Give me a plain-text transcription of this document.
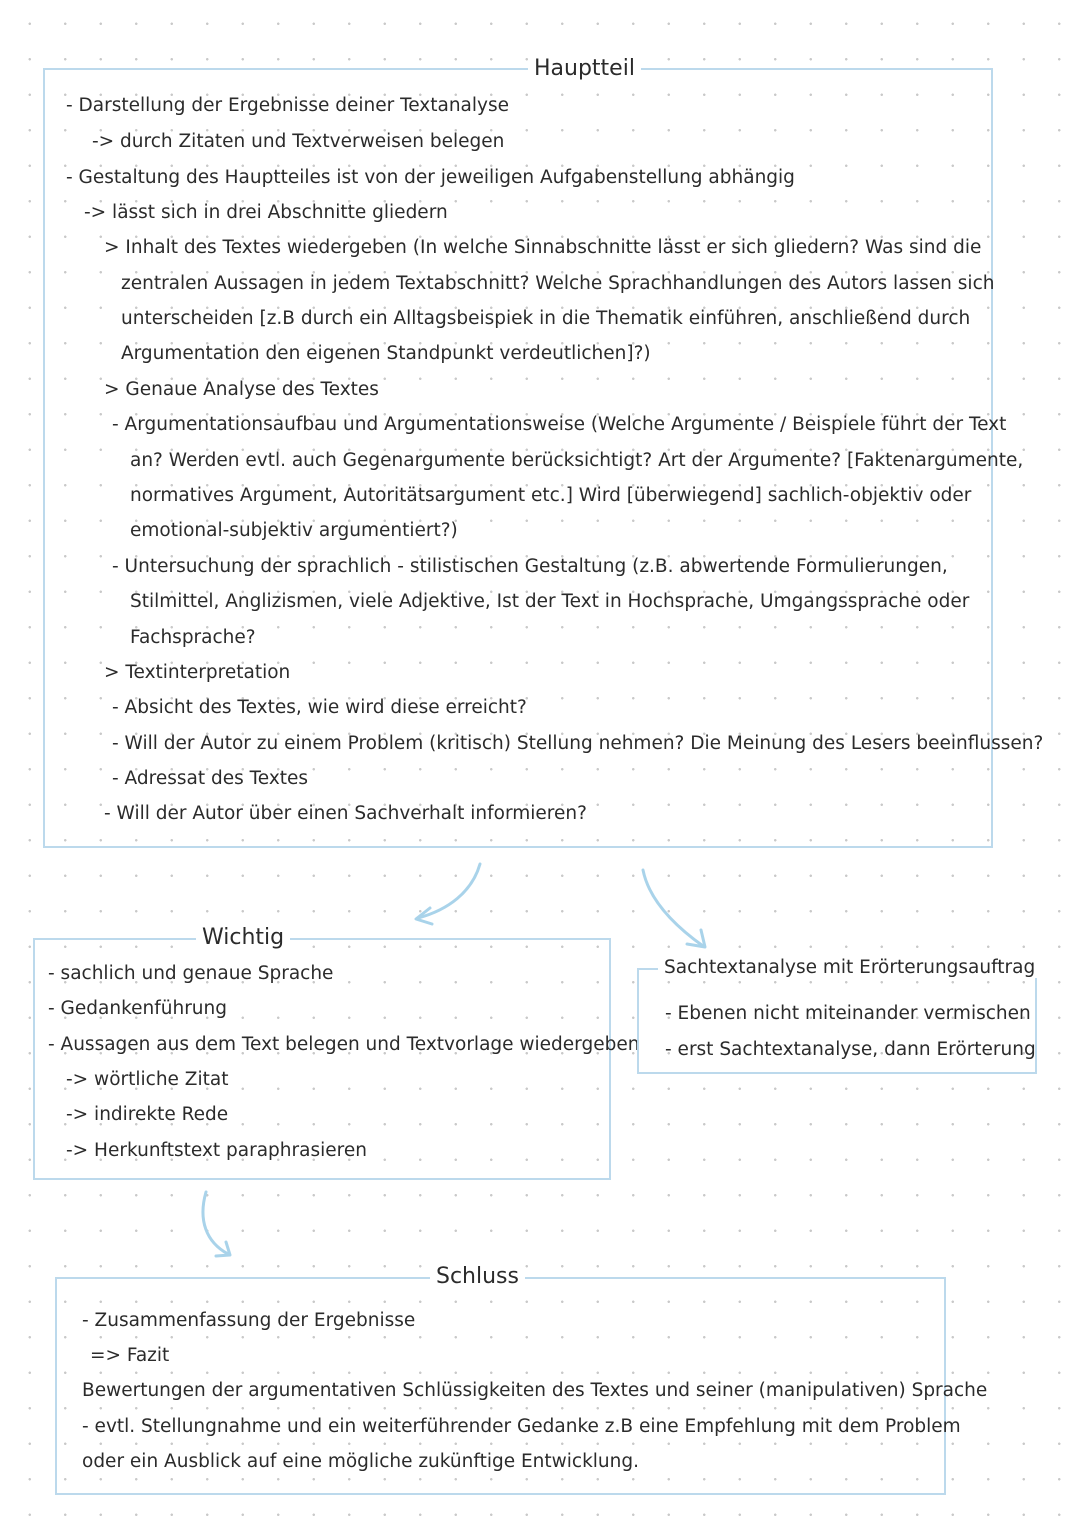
Hauptteil
- Darstellung der Ergebnisse deiner Textanalyse
-> durch Zitaten und Textverweisen belegen
- Gestaltung des Hauptteiles ist von der jeweiligen Aufgabenstellung abhängig
-> lässt sich in drei Abschnitte gliedern
> Inhalt des Textes wiedergeben (In welche Sinnabschnitte lässt er sich gliedern? Was sind die
zentralen Aussagen in jedem Textabschnitt? Welche Sprachhandlungen des Autors lassen sich
unterscheiden [z.B durch ein Alltagsbeispiek in die Thematik einführen, anschließend durch
Argumentation den eigenen Standpunkt verdeutlichen]?)
> Genaue Analyse des Textes
- Argumentationsaufbau und Argumentationsweise (Welche Argumente / Beispiele führt der Text
an? Werden evtl. auch Gegenargumente berücksichtigt? Art der Argumente? [Faktenargumente,
normatives Argument, Autoritätsargument etc.] Wird [überwiegend] sachlich-objektiv oder
emotional-subjektiv argumentiert?)
- Untersuchung der sprachlich - stilistischen Gestaltung (z.B. abwertende Formulierungen,
Stilmittel, Anglizismen, viele Adjektive, Ist der Text in Hochsprache, Umgangssprache oder
Fachsprache?
> Textinterpretation
- Absicht des Textes, wie wird diese erreicht?
- Will der Autor zu einem Problem (kritisch) Stellung nehmen? Die Meinung des Lesers beeinflussen?
- Adressat des Textes
- Will der Autor über einen Sachverhalt informieren?
Wichtig
- sachlich und genaue Sprache
- Gedankenführung
- Aussagen aus dem Text belegen und Textvorlage wiedergeben
-> wörtliche Zitat
-> indirekte Rede
-> Herkunftstext paraphrasieren
Sachtextanalyse mit Erörterungsauftrag
- Ebenen nicht miteinander vermischen
- erst Sachtextanalyse, dann Erörterung
Schluss
- Zusammenfassung der Ergebnisse
=> Fazit
Bewertungen der argumentativen Schlüssigkeiten des Textes und seiner (manipulativen) Sprache
- evtl. Stellungnahme und ein weiterführender Gedanke z.B eine Empfehlung mit dem Problem
oder ein Ausblick auf eine mögliche zukünftige Entwicklung.
